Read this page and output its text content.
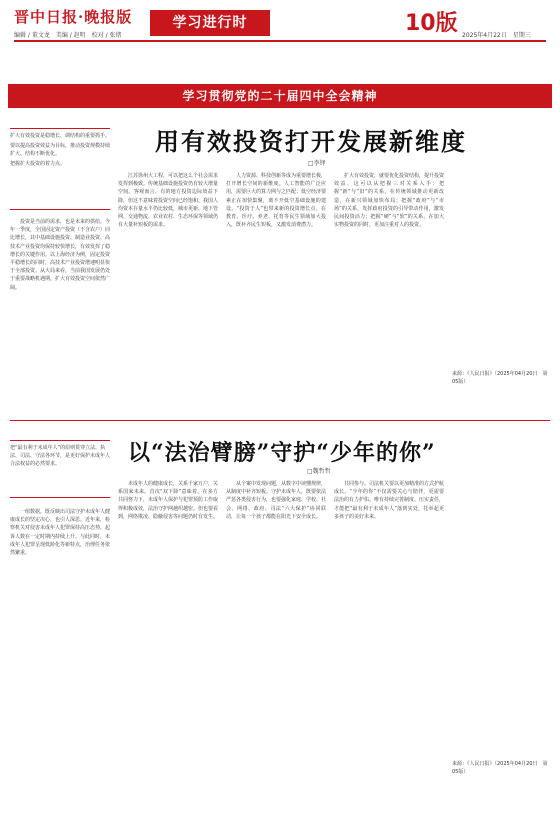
晋中日报·晚报版
编辑 / 董文龙　美编 / 赵明　校对 / 张绪
学习进行时	10版 2025年4月22日　星期三
学习贯彻党的二十届四中全会精神

扩大有效投资是稳增长、调结构的重要抓手。

要以提高投资效益为目标，推动投资规模持续扩大、结构不断优化。

把握扩大投资的着力点。

用有效投资打开发展新维度
□李铎

投资是当前的需求，也是未来的供给。今年一季度，全国固定资产投资（不含农户）同比增长，其中基础设施投资、制造业投资、高技术产业投资均保持较快增长，有效发挥了稳增长的关键作用。以上海经济为例，固定投资平稳增长的同时，高技术产业投资增速明显快于全部投资。从大局来看，当前我国发展仍处于重要战略机遇期，扩大有效投资空间依然广阔。

江苏徐州大工程，可以把这么个社会需求发挥到极致。传统基础设施投资仍有较大增量空间。客观而言，有的地方投资边际效益下降，但这不意味着投资空间已经饱和。我国人均资本存量水平仍比较低，城市更新、地下管网、交通物流、农业农村、生态环保等领域仍有大量补短板的需求。

人力资源、科技创新等成为重要增长极，打开增长空间的新维度。人工智能的广泛应用，需要巨大的算力网与之匹配；低空经济要素正在加快集聚，离不开低空基础设施的建设。“投资于人”也带来新的投资增长点，在教育、医疗、养老、托育等民生领域加大投入，既补齐民生短板，又激发消费潜力。

扩大有效投资，就要优化投资结构，提升投资效益，这可以从把握三对关系入手：把握“新”与“旧”的关系，在传统领域推动更新改造，在新兴领域加快布局；把握“政府”与“市场”的关系，发挥政府投资的引导带动作用，激发民间投资活力；把握“硬”与“软”的关系，在加大实物投资的同时，更加注重对人的投资。

来源：《人民日报》（2025年04月20日　第05版）

把“最有利于未成年人”的原则贯穿立法、执法、司法、守法各环节，是更好保护未成年人合法权益的必然要求。	以“法治臂膀”守护“少年的你”
□魏哲哲

一组数据，既反映出司法守护未成年人健康成长的坚定决心，也引人深思。近年来，检察机关对侵害未成年人犯罪保持高压态势，起诉人数在一定时期内持续上升。与此同时，未成年人犯罪呈现低龄化等新特点，治理任务依然繁重。

未成年人的健康成长，关系千家万户，关系国家未来。首次“双下降”意味着，在多方共同努力下，未成年人保护与犯罪预防工作取得积极成效，法治守护网越织越密。但也要看到，网络欺凌、隐蔽侵害等问题仍时有发生。

从个案中发现问题，从数字中读懂规律，从制度中补齐短板。守护未成年人，既要依法严惩各类侵害行为，也要强化家庭、学校、社会、网络、政府、司法“六大保护”协同联动，让每一个孩子都能在阳光下安全成长。

共同参与。司法机关要以更加精准的方式护航成长。“少年的你”不仅需要关心与陪伴，更需要法治的有力护佑。唯有持续完善制度、压实责任，才能把“最有利于未成年人”落到实处，托举起更多孩子的美好未来。

来源：《人民日报》（2025年04月20日　第05版）
